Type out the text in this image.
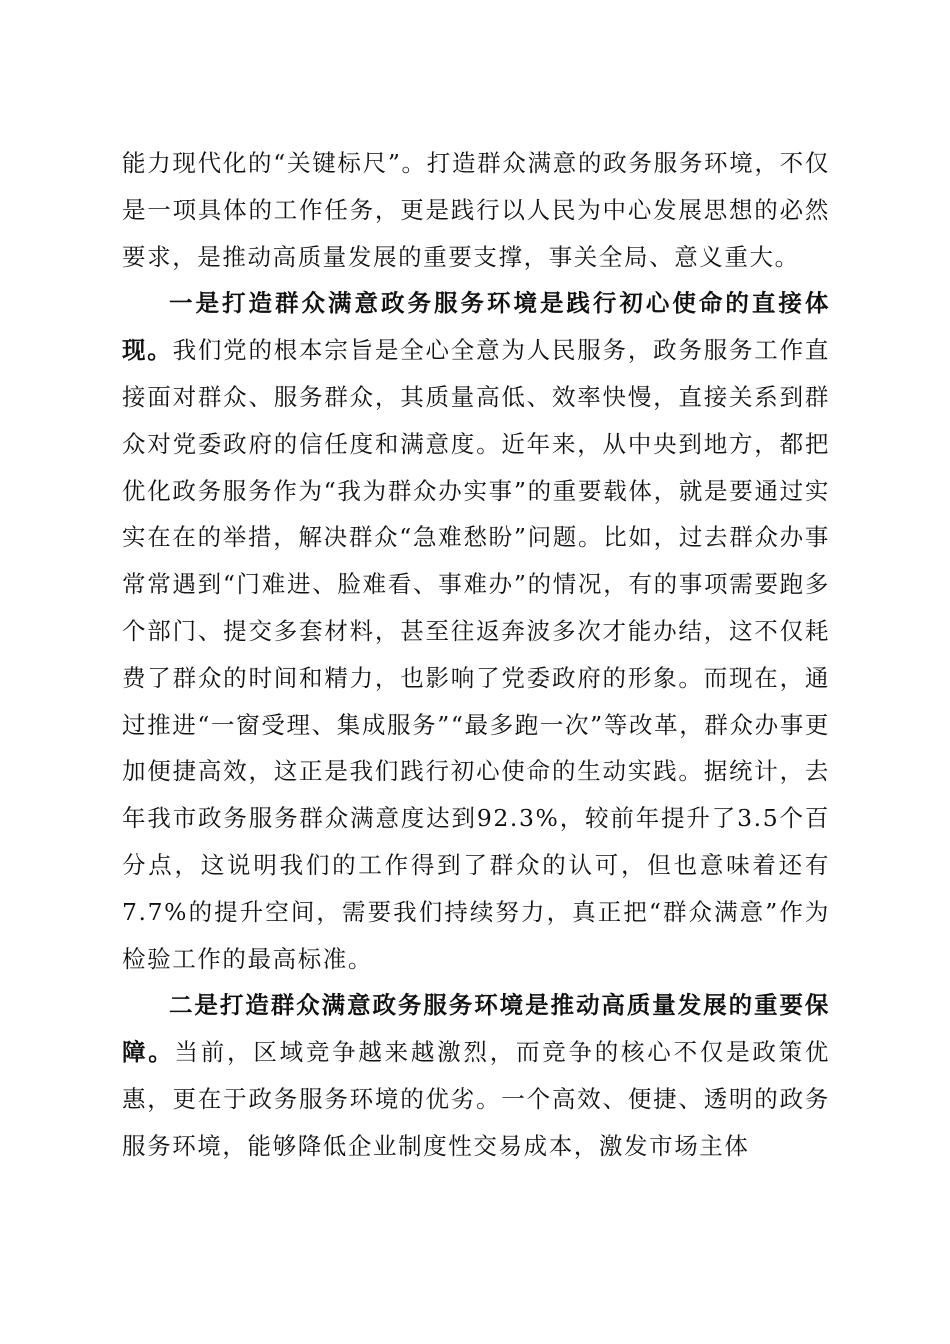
能力现代化的“关键标尺”。打造群众满意的政务服务环境，不仅是一项具体的工作任务，更是践行以人民为中心发展思想的必然要求，是推动高质量发展的重要支撑，事关全局、意义重大。

一是打造群众满意政务服务环境是践行初心使命的直接体现。我们党的根本宗旨是全心全意为人民服务，政务服务工作直接面对群众、服务群众，其质量高低、效率快慢，直接关系到群众对党委政府的信任度和满意度。近年来，从中央到地方，都把优化政务服务作为“我为群众办实事”的重要载体，就是要通过实实在在的举措，解决群众“急难愁盼”问题。比如，过去群众办事常常遇到“门难进、脸难看、事难办”的情况，有的事项需要跑多个部门、提交多套材料，甚至往返奔波多次才能办结，这不仅耗费了群众的时间和精力，也影响了党委政府的形象。而现在，通过推进“一窗受理、集成服务”“最多跑一次”等改革，群众办事更加便捷高效，这正是我们践行初心使命的生动实践。据统计，去年我市政务服务群众满意度达到92.3%，较前年提升了3.5个百分点，这说明我们的工作得到了群众的认可，但也意味着还有7.7%的提升空间，需要我们持续努力，真正把“群众满意”作为检验工作的最高标准。

二是打造群众满意政务服务环境是推动高质量发展的重要保障。当前，区域竞争越来越激烈，而竞争的核心不仅是政策优惠，更在于政务服务环境的优劣。一个高效、便捷、透明的政务服务环境，能够降低企业制度性交易成本，激发市场主体
